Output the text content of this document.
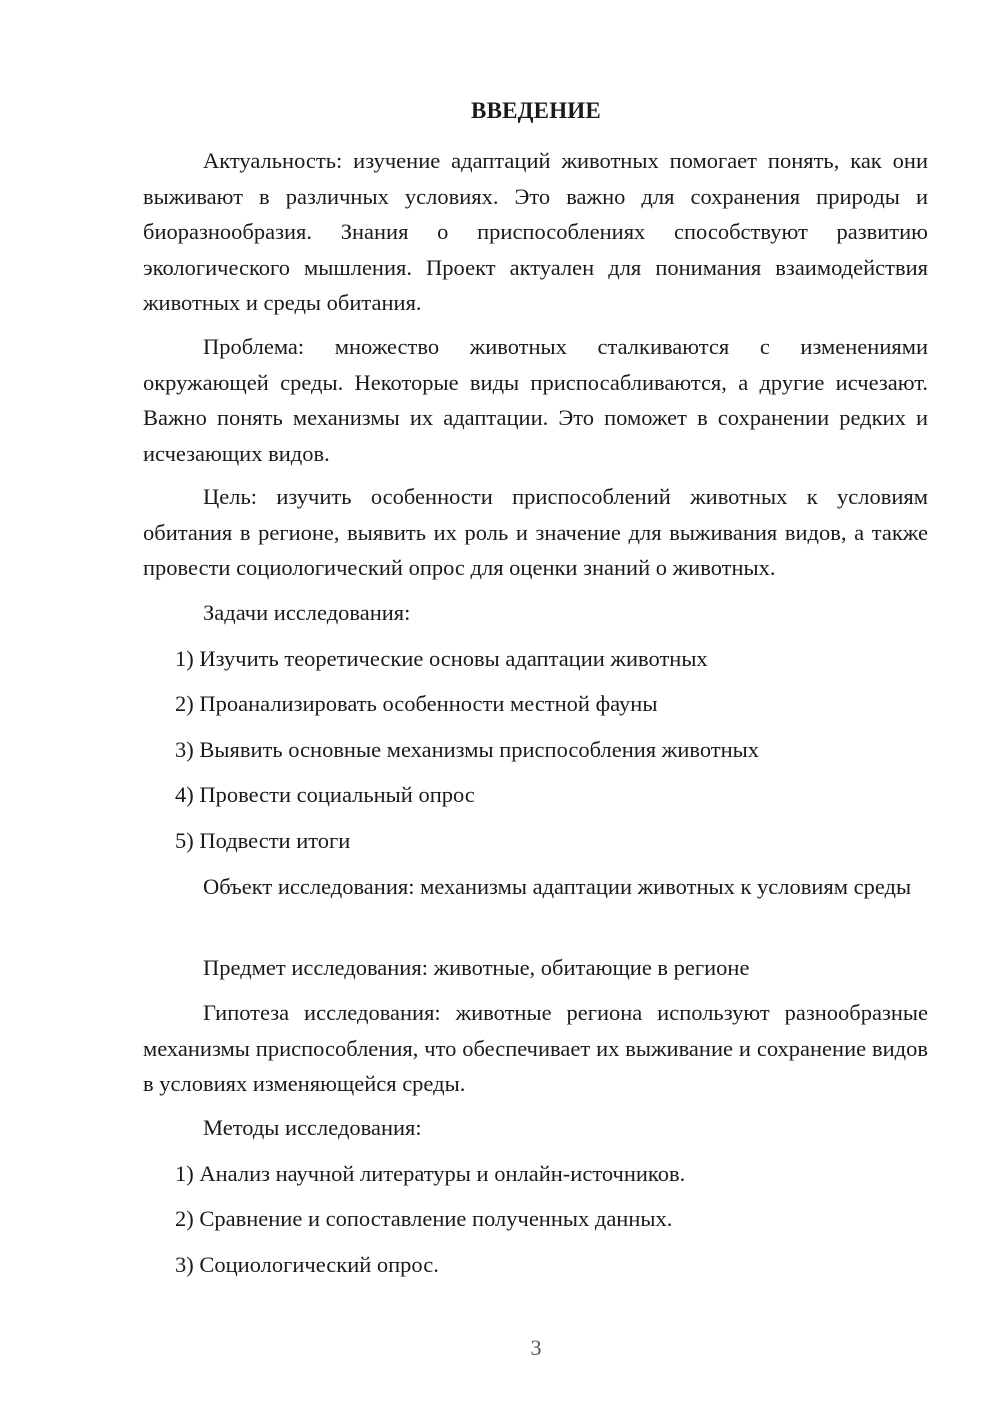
ВВЕДЕНИЕ

Актуальность: изучение адаптаций животных помогает понять, как они выживают в различных условиях. Это важно для сохранения природы и биоразнообразия. Знания о приспособлениях способствуют развитию экологического мышления. Проект актуален для понимания взаимодействия животных и среды обитания.

Проблема: множество животных сталкиваются с изменениями окружающей среды. Некоторые виды приспосабливаются, а другие исчезают. Важно понять механизмы их адаптации. Это поможет в сохранении редких и исчезающих видов.

Цель: изучить особенности приспособлений животных к условиям обитания в регионе, выявить их роль и значение для выживания видов, а также провести социологический опрос для оценки знаний о животных.

Задачи исследования:

1) Изучить теоретические основы адаптации животных

2) Проанализировать особенности местной фауны

3) Выявить основные механизмы приспособления животных

4) Провести социальный опрос

5) Подвести итоги

Объект исследования: механизмы адаптации животных к условиям среды

Предмет исследования: животные, обитающие в регионе

Гипотеза исследования: животные региона используют разнообразные механизмы приспособления, что обеспечивает их выживание и сохранение видов в условиях изменяющейся среды.

Методы исследования:

1) Анализ научной литературы и онлайн-источников.

2) Сравнение и сопоставление полученных данных.

3) Социологический опрос.

3
